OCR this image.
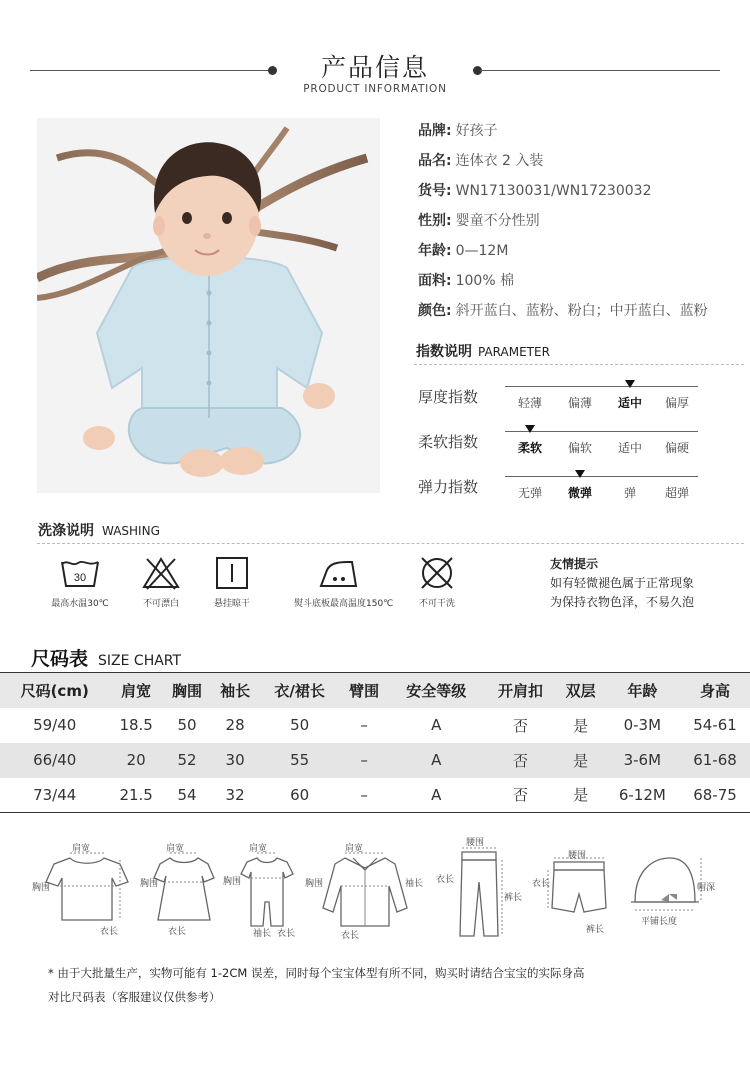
产品信息
PRODUCT INFORMATION
品牌: 好孩子
品名: 连体衣 2 入装
货号: WN17130031/WN17230032
性别: 婴童不分性别
年龄: 0—12M
面料: 100% 棉
颜色: 斜开蓝白、蓝粉、粉白；中开蓝白、蓝粉
指数说明 PARAMETER
厚度指数	轻薄	偏薄	适中	偏厚
柔软指数	柔软	偏软	适中	偏硬
弹力指数	无弹	微弹	弹	超弹
洗涤说明 WASHING
30
最高水温30℃	不可漂白	悬挂晾干	熨斗底板最高温度150℃	不可干洗
友情提示
如有轻微褪色属于正常现象
为保持衣物色泽，不易久泡
尺码表 SIZE CHART
尺码(cm)	肩宽	胸围	袖长	衣/裙长	臂围	安全等级	开肩扣	双层	年龄	身高
59/40	18.5	50	28	50	–	A	否	是	0-3M	54-61
66/40	20	52	30	55	–	A	否	是	3-6M	61-68
73/44	21.5	54	32	60	–	A	否	是	6-12M	68-75
肩宽
胸围
衣长
肩宽
胸围
衣长
肩宽
胸围
袖长 衣长
肩宽
胸围	袖长
衣长
腰围
衣长
裤长
腰围
衣长
裤长
帽深
平铺长度
* 由于大批量生产，实物可能有 1-2CM 误差，同时每个宝宝体型有所不同，购买时请结合宝宝的实际身高
对比尺码表（客服建议仅供参考）
